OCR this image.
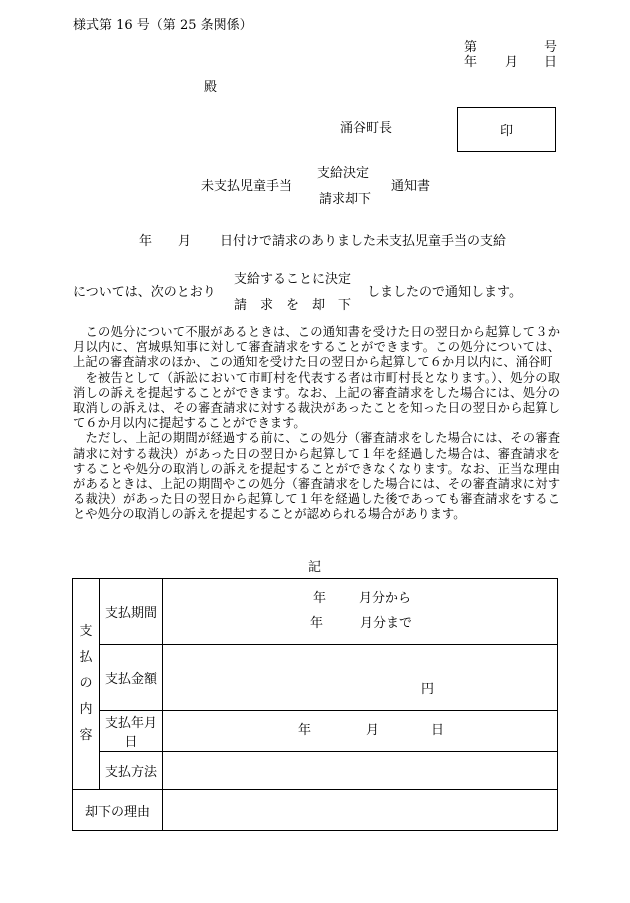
様式第 16 号（第 25 条関係）
第	号
年 月 日
殿
涌谷町長	印
支給決定
未支払児童手当	通知書
請求却下
年 月 日付けで請求のありました未支払児童手当の支給
支給することに決定
については、次のとおり	しましたので通知します。
請　求　を　却　下

　この処分について不服があるときは、この通知書を受けた日の翌日から起算して３か月以内に、宮城県知事に対して審査請求をすることができます。この処分については、上記の審査請求のほか、この通知を受けた日の翌日から起算して６か月以内に、涌谷町

　を被告として（訴訟において市町村を代表する者は市町村長となります。）、処分の取消しの訴えを提起することができます。なお、上記の審査請求をした場合には、処分の取消しの訴えは、その審査請求に対する裁決があったことを知った日の翌日から起算して６か月以内に提起することができます。

　ただし、上記の期間が経過する前に、この処分（審査請求をした場合には、その審査請求に対する裁決）があった日の翌日から起算して１年を経過した場合は、審査請求をすることや処分の取消しの訴えを提起することができなくなります。なお、正当な理由があるときは、上記の期間やこの処分（審査請求をした場合には、その審査請求に対する裁決）があった日の翌日から起算して１年を経過した後であっても審査請求をすることや処分の取消しの訴えを提起することが認められる場合があります。

記
支
払
の
内
容	支払期間	年 月分から
年 月分まで

	支払金額	円

	支払年月日	年 月 日

	支払方法	

却下の理由		
